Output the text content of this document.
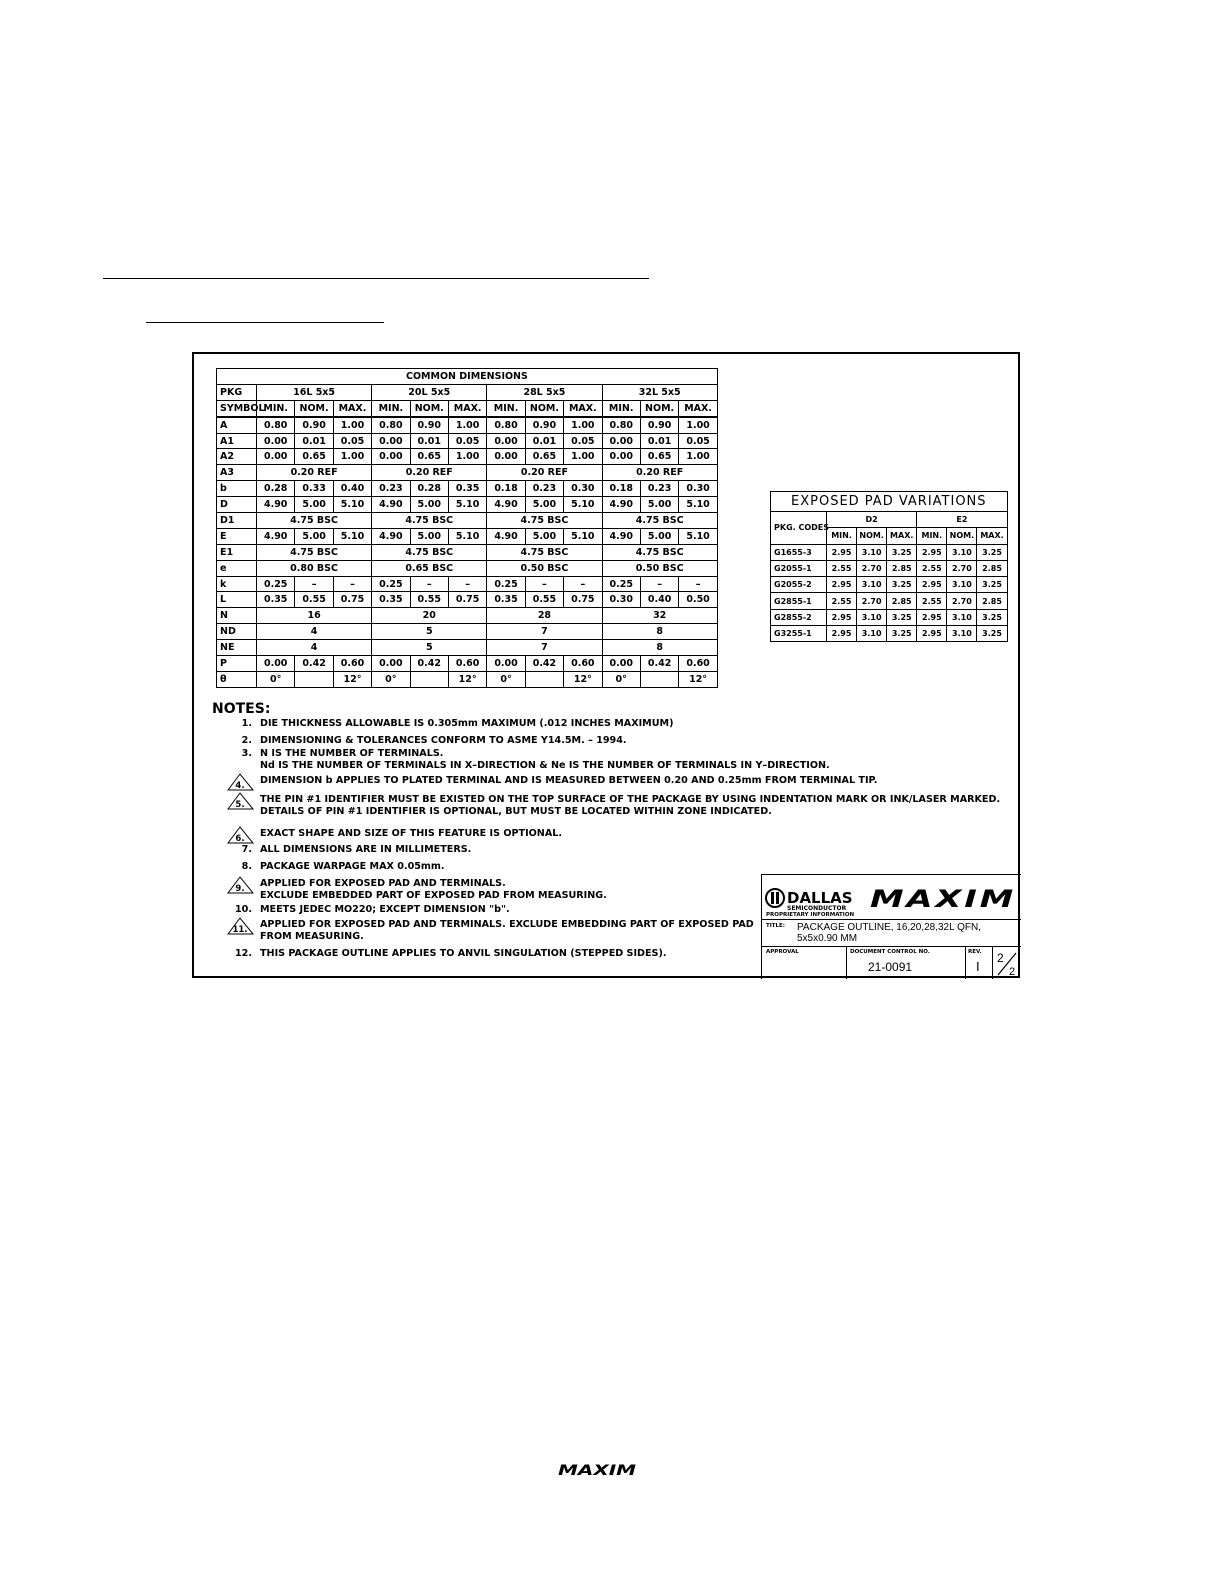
COMMON DIMENSIONS												
PKG	16L 5x5			20L 5x5			28L 5x5			32L 5x5		
SYMBOL	MIN.	NOM.	MAX.	MIN.	NOM.	MAX.	MIN.	NOM.	MAX.	MIN.	NOM.	MAX.
A	0.80	0.90	1.00	0.80	0.90	1.00	0.80	0.90	1.00	0.80	0.90	1.00
A1	0.00	0.01	0.05	0.00	0.01	0.05	0.00	0.01	0.05	0.00	0.01	0.05
A2	0.00	0.65	1.00	0.00	0.65	1.00	0.00	0.65	1.00	0.00	0.65	1.00
A3	0.20 REF			0.20 REF			0.20 REF			0.20 REF		
b	0.28	0.33	0.40	0.23	0.28	0.35	0.18	0.23	0.30	0.18	0.23	0.30
D	4.90	5.00	5.10	4.90	5.00	5.10	4.90	5.00	5.10	4.90	5.00	5.10
D1	4.75 BSC			4.75 BSC			4.75 BSC			4.75 BSC		
E	4.90	5.00	5.10	4.90	5.00	5.10	4.90	5.00	5.10	4.90	5.00	5.10
E1	4.75 BSC			4.75 BSC			4.75 BSC			4.75 BSC		
e	0.80 BSC			0.65 BSC			0.50 BSC			0.50 BSC		
k	0.25	–	–	0.25	–	–	0.25	–	–	0.25	–	–
L	0.35	0.55	0.75	0.35	0.55	0.75	0.35	0.55	0.75	0.30	0.40	0.50
N	16			20			28			32		
ND	4			5			7			8		
NE	4			5			7			8		
P	0.00	0.42	0.60	0.00	0.42	0.60	0.00	0.42	0.60	0.00	0.42	0.60
θ	0°		12°	0°		12°	0°		12°	0°		12°
EXPOSED PAD VARIATIONS						
PKG. CODES	D2			E2		
	MIN.	NOM.	MAX.	MIN.	NOM.	MAX.
G1655-3	2.95	3.10	3.25	2.95	3.10	3.25
G2055-1	2.55	2.70	2.85	2.55	2.70	2.85
G2055-2	2.95	3.10	3.25	2.95	3.10	3.25
G2855-1	2.55	2.70	2.85	2.55	2.70	2.85
G2855-2	2.95	3.10	3.25	2.95	3.10	3.25
G3255-1	2.95	3.10	3.25	2.95	3.10	3.25
NOTES:
1. DIE THICKNESS ALLOWABLE IS 0.305mm MAXIMUM (.012 INCHES MAXIMUM)
2. DIMENSIONING & TOLERANCES CONFORM TO ASME Y14.5M. – 1994.
3. N IS THE NUMBER OF TERMINALS.
Nd IS THE NUMBER OF TERMINALS IN X–DIRECTION & Ne IS THE NUMBER OF TERMINALS IN Y–DIRECTION.
4. DIMENSION b APPLIES TO PLATED TERMINAL AND IS MEASURED BETWEEN 0.20 AND 0.25mm FROM TERMINAL TIP.
5. THE PIN #1 IDENTIFIER MUST BE EXISTED ON THE TOP SURFACE OF THE PACKAGE BY USING INDENTATION MARK OR INK/LASER MARKED.
DETAILS OF PIN #1 IDENTIFIER IS OPTIONAL, BUT MUST BE LOCATED WITHIN ZONE INDICATED.
6. EXACT SHAPE AND SIZE OF THIS FEATURE IS OPTIONAL.
7. ALL DIMENSIONS ARE IN MILLIMETERS.
8. PACKAGE WARPAGE MAX 0.05mm.
9. APPLIED FOR EXPOSED PAD AND TERMINALS.
EXCLUDE EMBEDDED PART OF EXPOSED PAD FROM MEASURING.
10. MEETS JEDEC MO220; EXCEPT DIMENSION "b".
11. APPLIED FOR EXPOSED PAD AND TERMINALS. EXCLUDE EMBEDDING PART OF EXPOSED PAD
FROM MEASURING.
12. THIS PACKAGE OUTLINE APPLIES TO ANVIL SINGULATION (STEPPED SIDES).
DALLAS
SEMICONDUCTOR MAXIM
PROPRIETARY INFORMATION
TITLE: PACKAGE OUTLINE, 16,20,28,32L QFN,
5x5x0.90 MM
APPROVAL	DOCUMENT CONTROL NO.
21-0091
REV.
I
2
2
MAXIM
